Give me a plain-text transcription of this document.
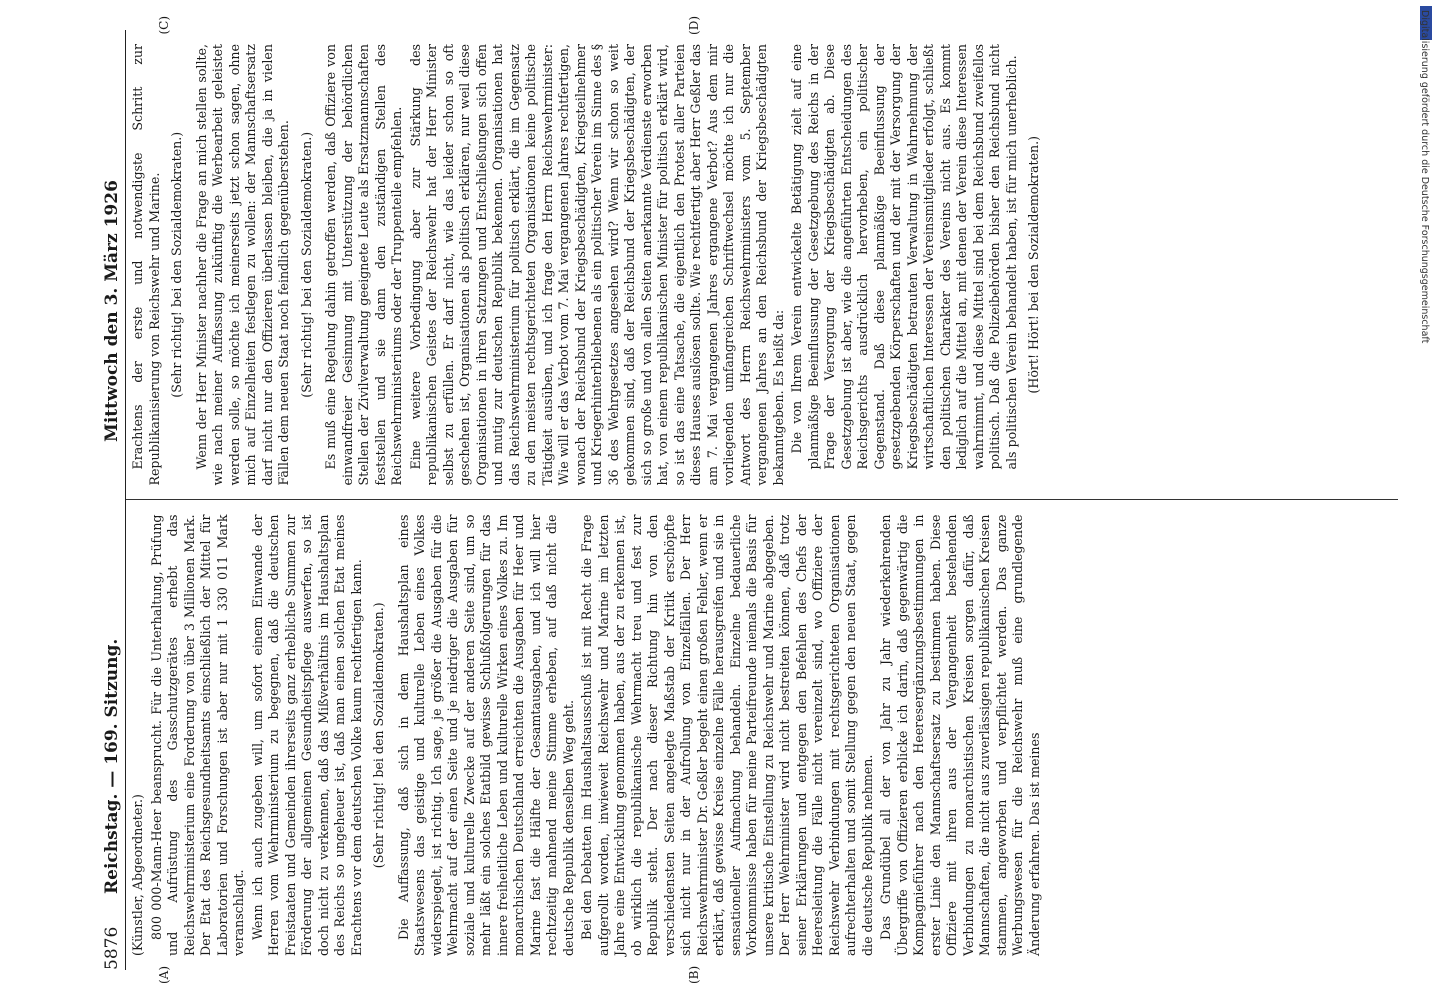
5876
Reichstag. — 169. Sitzung.
Mittwoch den 3. März 1926
(A)	(B)

(Künstler, Abgeordneter.) 800 000-Mann-Heer beansprucht. Für die Unterhaltung, Prüfung und Aufrüstung des Gasschutzgerätes erhebt das Reichswehrministerium eine Forderung von über 3 Millionen Mark. Der Etat des Reichsgesundheitsamts einschließlich der Mittel für Laboratorien und Forschungen ist aber nur mit 1 330 011 Mark veranschlagt. Wenn ich auch zugeben will, um sofort einem Einwande der Herren vom Wehrministerium zu begegnen, daß die deutschen Freistaaten und Gemeinden ihrerseits ganz erhebliche Summen zur Förderung der allgemeinen Gesundheitspflege auswerfen, so ist doch nicht zu verkennen, daß das Mißverhältnis im Haushaltsplan des Reichs so ungeheuer ist, daß man einen solchen Etat meines Erachtens vor dem deutschen Volke kaum rechtfertigen kann. (Sehr richtig! bei den Sozialdemokraten.) Die Auffassung, daß sich in dem Haushaltsplan eines Staatswesens das geistige und kulturelle Leben eines Volkes widerspiegelt, ist richtig. Ich sage, je größer die Ausgaben für die Wehrmacht auf der einen Seite und je niedriger die Ausgaben für soziale und kulturelle Zwecke auf der anderen Seite sind, um so mehr läßt ein solches Etatbild gewisse Schlußfolgerungen für das innere freiheitliche Leben und kulturelle Wirken eines Volkes zu. Im monarchischen Deutschland erreichten die Ausgaben für Heer und Marine fast die Hälfte der Gesamtausgaben, und ich will hier rechtzeitig mahnend meine Stimme erheben, auf daß nicht die deutsche Republik denselben Weg geht. Bei den Debatten im Haushaltsausschuß ist mit Recht die Frage aufgerollt worden, inwieweit Reichswehr und Marine im letzten Jahre eine Entwicklung genommen haben, aus der zu erkennen ist, ob wirklich die republikanische Wehrmacht treu und fest zur Republik steht. Der nach dieser Richtung hin von den verschiedensten Seiten angelegte Maßstab der Kritik erschöpfte sich nicht nur in der Aufrollung von Einzelfällen. Der Herr Reichswehrminister Dr. Geßler begeht einen großen Fehler, wenn er erklärt, daß gewisse Kreise einzelne Fälle herausgreifen und sie in sensationeller Aufmachung behandeln. Einzelne bedauerliche Vorkommnisse haben für meine Parteifreunde niemals die Basis für unsere kritische Einstellung zu Reichswehr und Marine abgegeben. Der Herr Wehrminister wird nicht bestreiten können, daß trotz seiner Erklärungen und entgegen den Befehlen des Chefs der Heeresleitung die Fälle nicht vereinzelt sind, wo Offiziere der Reichswehr Verbindungen mit rechtsgerichteten Organisationen aufrechterhalten und somit Stellung gegen den neuen Staat, gegen die deutsche Republik nehmen. Das Grundübel all der von Jahr zu Jahr wiederkehrenden Übergriffe von Offizieren erblicke ich darin, daß gegenwärtig die Kompagnieführer nach den Heeresergänzungsbestimmungen in erster Linie den Mannschaftsersatz zu bestimmen haben. Diese Offiziere mit ihren aus der Vergangenheit bestehenden Verbindungen zu monarchistischen Kreisen sorgen dafür, daß Mannschaften, die nicht aus zuverlässigen republikanischen Kreisen stammen, angeworben und verpflichtet werden. Das ganze Werbungswesen für die Reichswehr muß eine grundlegende Änderung erfahren. Das ist meines

(C)	(D)

Erachtens der erste und notwendigste Schritt zur Republikanisierung von Reichswehr und Marine. (Sehr richtig! bei den Sozialdemokraten.) Wenn der Herr Minister nachher die Frage an mich stellen sollte, wie nach meiner Auffassung zukünftig die Werbearbeit geleistet werden solle, so möchte ich meinerseits jetzt schon sagen, ohne mich auf Einzelheiten festlegen zu wollen: der Mannschaftsersatz darf nicht nur den Offizieren überlassen bleiben, die ja in vielen Fällen dem neuen Staat noch feindlich gegenüberstehen. (Sehr richtig! bei den Sozialdemokraten.) Es muß eine Regelung dahin getroffen werden, daß Offiziere von einwandfreier Gesinnung mit Unterstützung der behördlichen Stellen der Zivilverwaltung geeignete Leute als Ersatzmannschaften feststellen und sie dann den zuständigen Stellen des Reichswehrministeriums oder der Truppenteile empfehlen. Eine weitere Vorbedingung aber zur Stärkung des republikanischen Geistes der Reichswehr hat der Herr Minister selbst zu erfüllen. Er darf nicht, wie das leider schon so oft geschehen ist, Organisationen als politisch erklären, nur weil diese Organisationen in ihren Satzungen und Entschließungen sich offen und mutig zur deutschen Republik bekennen. Organisationen hat das Reichswehrministerium für politisch erklärt, die im Gegensatz zu den meisten rechtsgerichteten Organisationen keine politische Tätigkeit ausüben, und ich frage den Herrn Reichswehrminister: Wie will er das Verbot vom 7. Mai vergangenen Jahres rechtfertigen, wonach der Reichsbund der Kriegsbeschädigten, Kriegsteilnehmer und Kriegerhinterbliebenen als ein politischer Verein im Sinne des § 36 des Wehrgesetzes angesehen wird? Wenn wir schon so weit gekommen sind, daß der Reichsbund der Kriegsbeschädigten, der sich so große und von allen Seiten anerkannte Verdienste erworben hat, von einem republikanischen Minister für politisch erklärt wird, so ist das eine Tatsache, die eigentlich den Protest aller Parteien dieses Hauses auslösen sollte. Wie rechtfertigt aber Herr Geßler das am 7. Mai vergangenen Jahres ergangene Verbot? Aus dem mir vorliegenden umfangreichen Schriftwechsel möchte ich nur die Antwort des Herrn Reichswehrministers vom 5. September vergangenen Jahres an den Reichsbund der Kriegsbeschädigten bekanntgeben. Es heißt da: Die von Ihrem Verein entwickelte Betätigung zielt auf eine planmäßige Beeinflussung der Gesetzgebung des Reichs in der Frage der Versorgung der Kriegsbeschädigten ab. Diese Gesetzgebung ist aber, wie die angeführten Entscheidungen des Reichsgerichts ausdrücklich hervorheben, ein politischer Gegenstand. Daß diese planmäßige Beeinflussung der gesetzgebenden Körperschaften und der mit der Versorgung der Kriegsbeschädigten betrauten Verwaltung in Wahrnehmung der wirtschaftlichen Interessen der Vereinsmitglieder erfolgt, schließt den politischen Charakter des Vereins nicht aus. Es kommt lediglich auf die Mittel an, mit denen der Verein diese Interessen wahrnimmt, und diese Mittel sind bei dem Reichsbund zweifellos politisch. Daß die Polizeibehörden bisher den Reichsbund nicht als politischen Verein behandelt haben, ist für mich unerheblich. (Hört! Hört! bei den Sozialdemokraten.)	Digitalisierung gefördert durch die Deutsche Forschungsgemeinschaft
